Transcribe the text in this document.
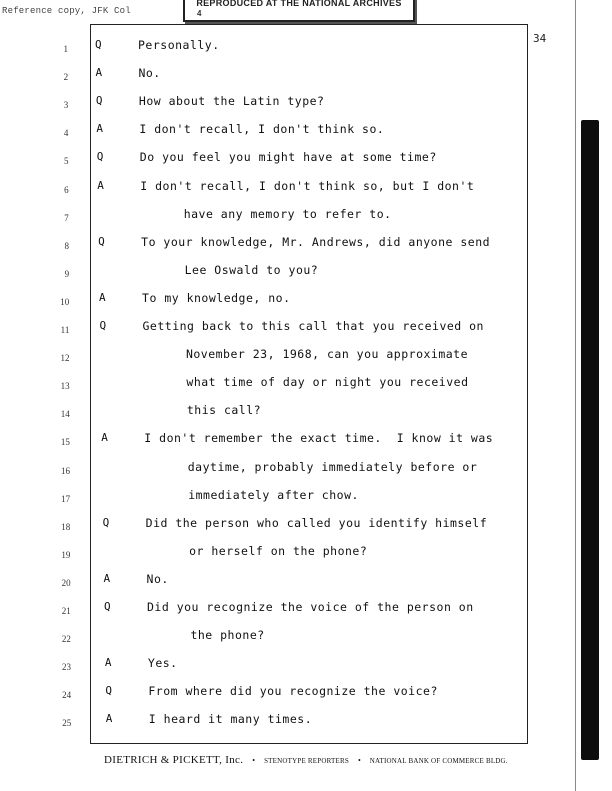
Reference copy, JFK Col
REPRODUCED AT THE NATIONAL ARCHIVES
4
34
1 Q	Personally.
2 A	No.
3	Q	How about the Latin type?
4	A	I don't recall, I don't think so.
5	Q	Do you feel you might have at some time?
6	A	I don't recall, I don't think so, but I don't
7	have any memory to refer to.
8	Q	To your knowledge, Mr. Andrews, did anyone send
9	Lee Oswald to you?
10	A	To my knowledge, no.
11	Q	Getting back to this call that you received on
12	November 23, 1968, can you approximate
13	what time of day or night you received
14	this call?
15	A	I don't remember the exact time.  I know it was
16	daytime, probably immediately before or
17	immediately after chow.
18	Q	Did the person who called you identify himself
19	or herself on the phone?
20	A	No.
21	Q	Did you recognize the voice of the person on
22	the phone?
23	A	Yes.
24	Q	From where did you recognize the voice?
25	A	I heard it many times.
DIETRICH & PICKETT, Inc. • STENOTYPE REPORTERS • NATIONAL BANK OF COMMERCE BLDG.
